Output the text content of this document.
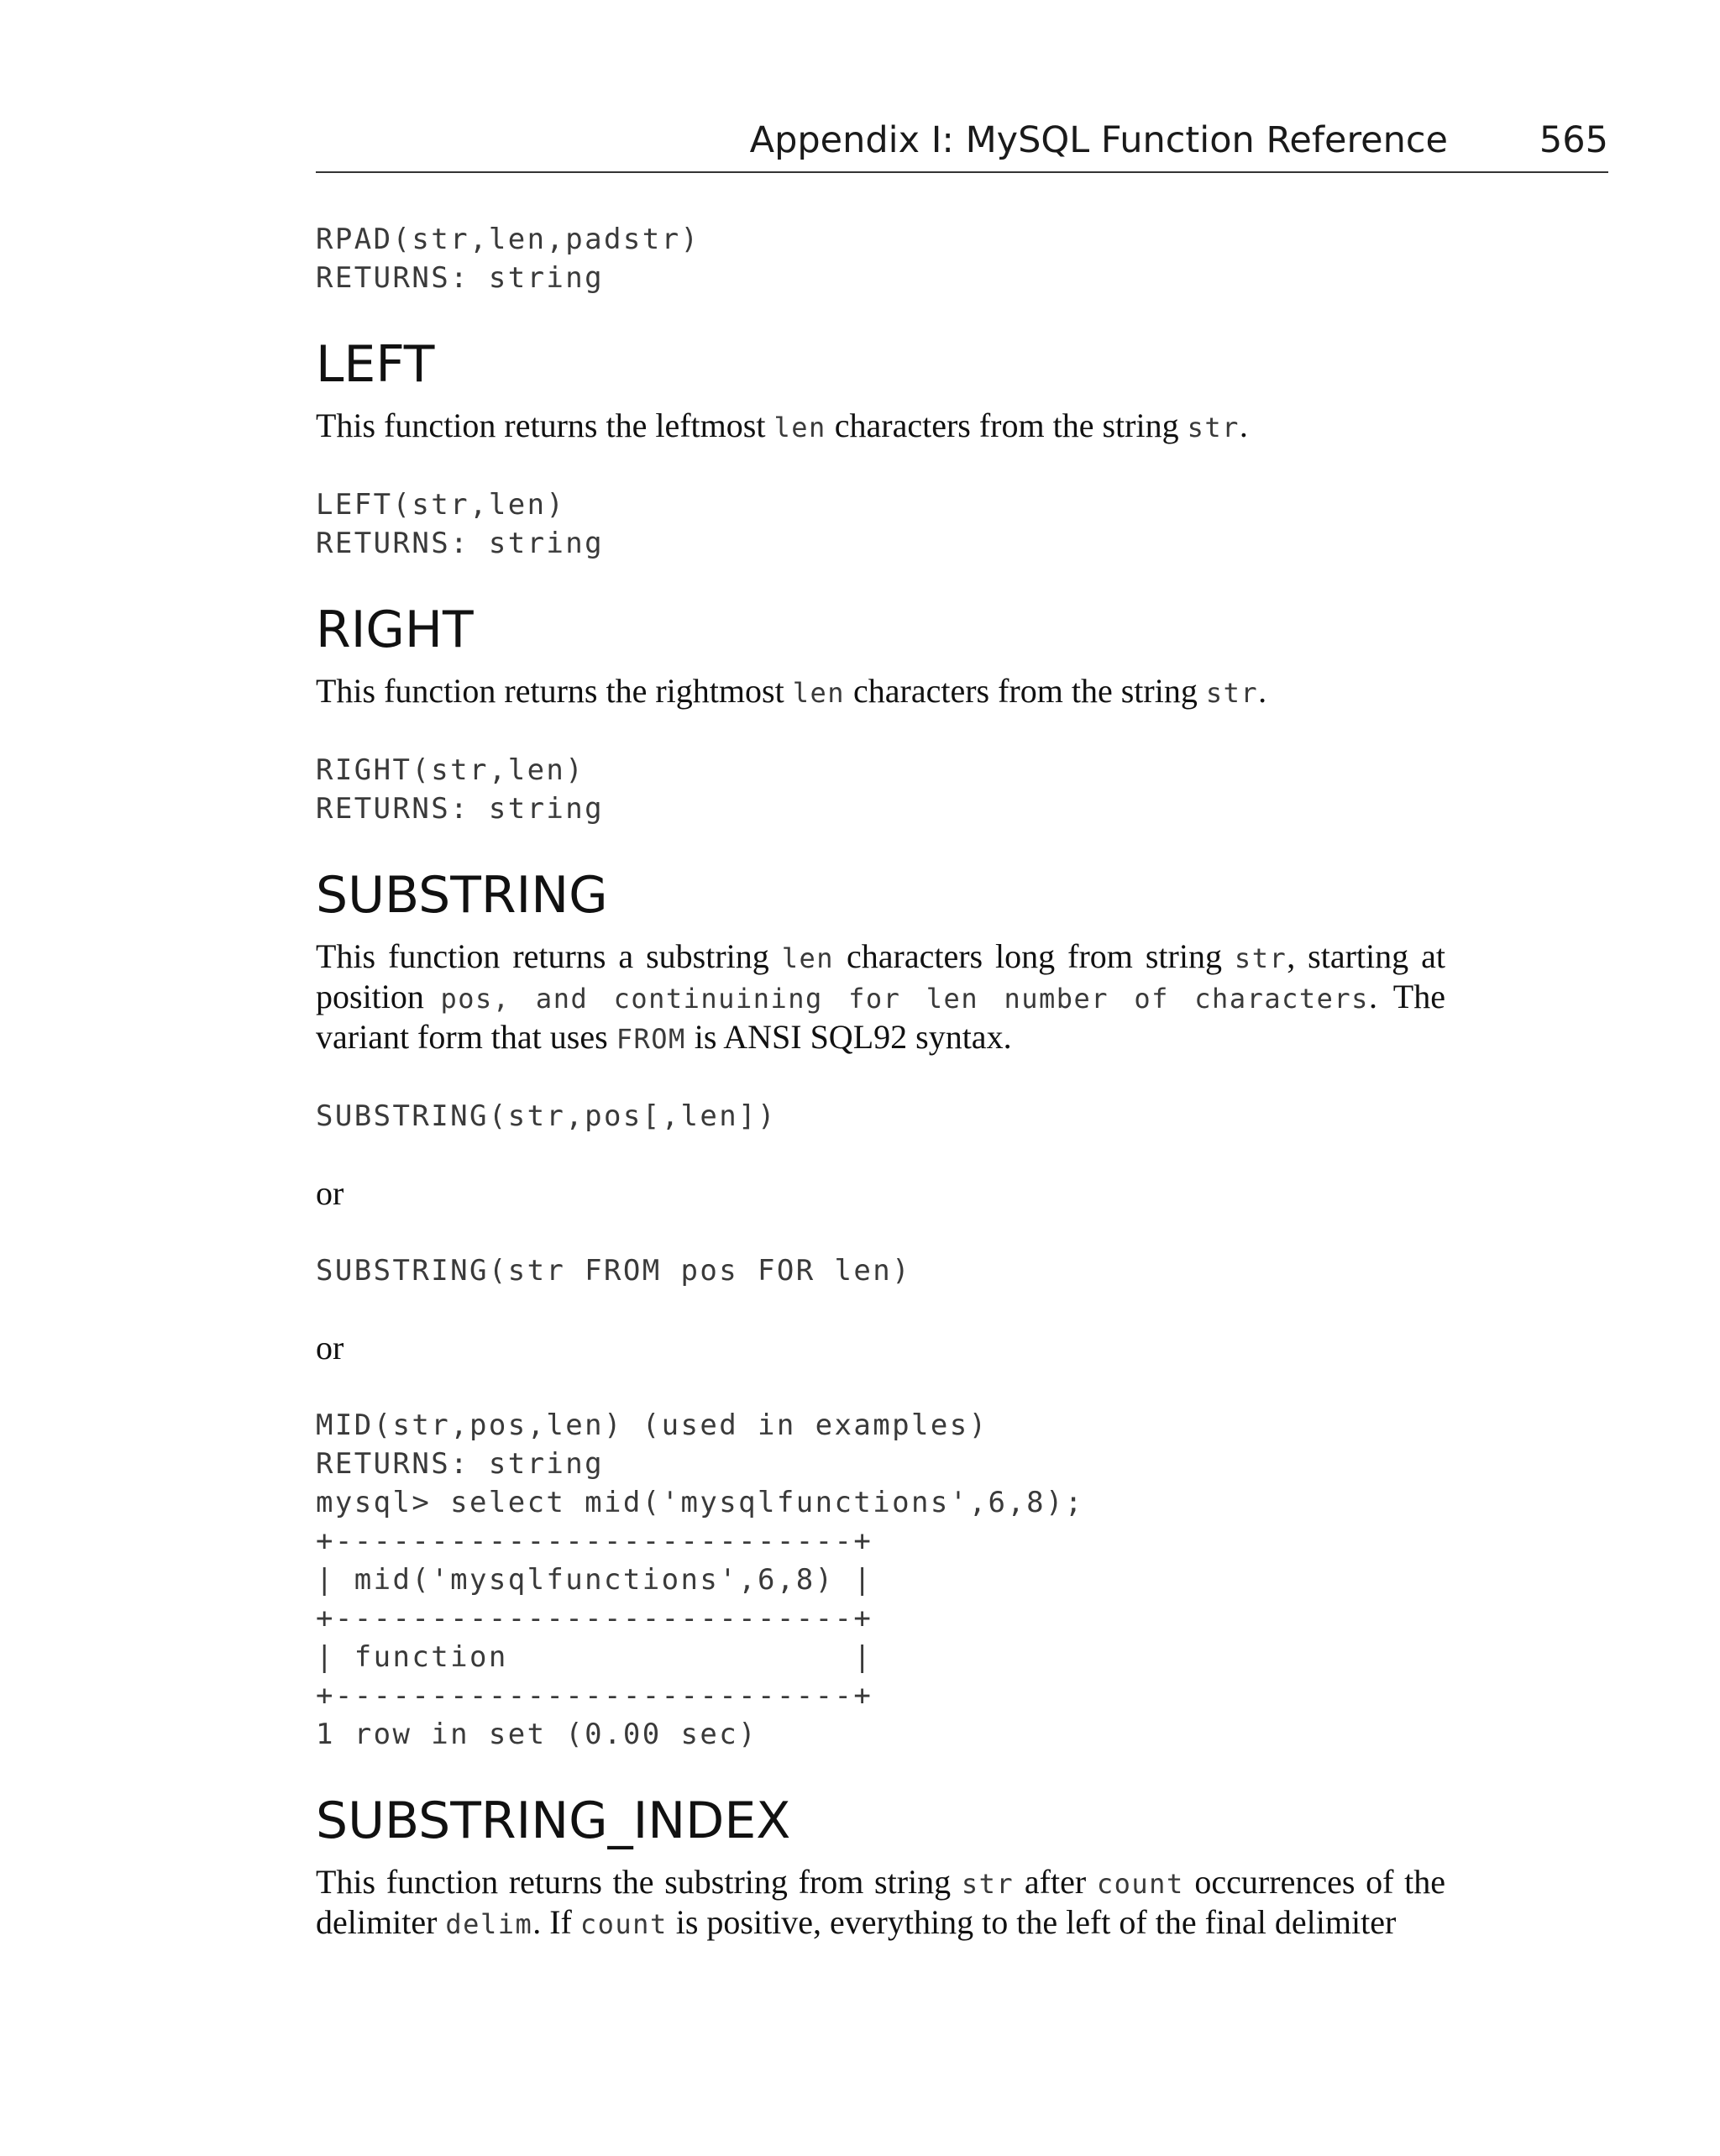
Appendix I: MySQL Function Reference	565
RPAD(str,len,padstr)
RETURNS: string
LEFT

This function returns the leftmost len characters from the string str.

LEFT(str,len)
RETURNS: string
RIGHT

This function returns the rightmost len characters from the string str.

RIGHT(str,len)
RETURNS: string
SUBSTRING

This function returns a substring len characters long from string str, starting at position pos, and continuining for len number of characters. The variant form that uses FROM is ANSI SQL92 syntax.

SUBSTRING(str,pos[,len])
or
SUBSTRING(str FROM pos FOR len)
or
MID(str,pos,len) (used in examples)
RETURNS: string
mysql> select mid('mysqlfunctions',6,8);
+---------------------------+
| mid('mysqlfunctions',6,8) |
+---------------------------+
| function                  |
+---------------------------+
1 row in set (0.00 sec)
SUBSTRING_INDEX

This function returns the substring from string str after count occurrences of the delimiter delim. If count is positive, everything to the left of the final delimiter
